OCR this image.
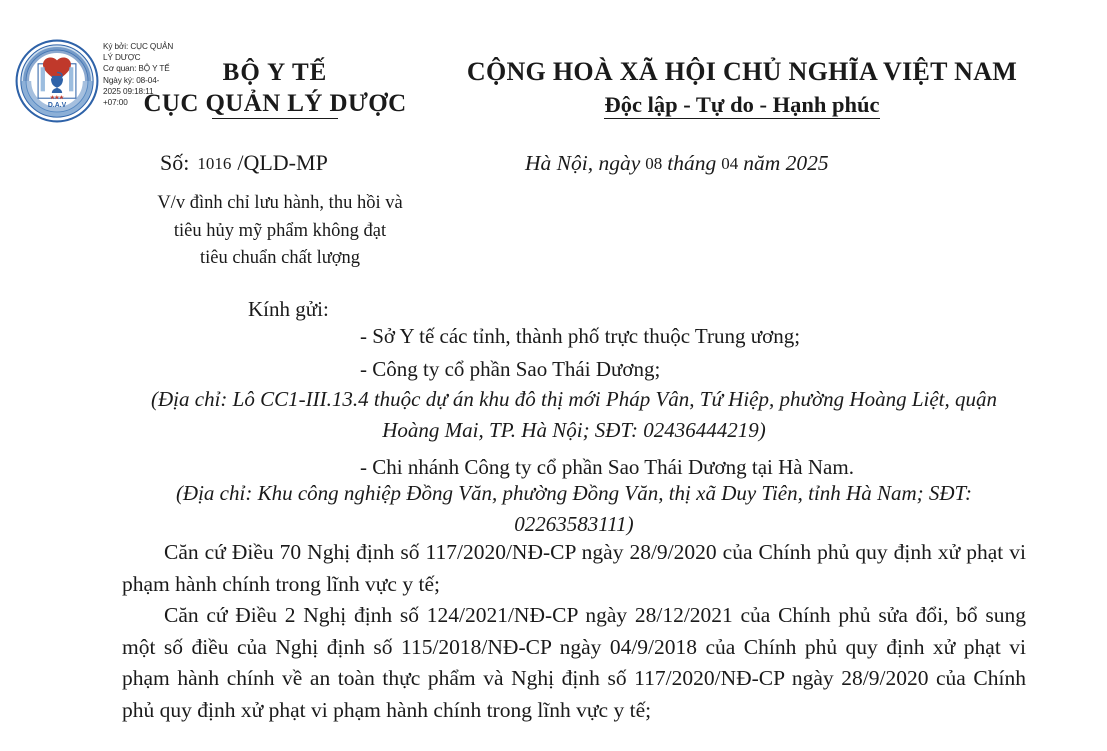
D.A.V
★★★
Ký bởi: CỤC QUẢN
LÝ DƯỢC
Cơ quan: BỘ Y TẾ
Ngày ký: 08-04-
2025 09:18:11
+07:00
BỘ Y TẾ
CỤC QUẢN LÝ DƯỢC
CỘNG HOÀ XÃ HỘI CHỦ NGHĨA VIỆT NAM
Độc lập - Tự do - Hạnh phúc
Số: 1016 /QLD-MP	Hà Nội, ngày 08 tháng 04 năm 2025
V/v đình chỉ lưu hành, thu hồi và
tiêu hủy mỹ phẩm không đạt
tiêu chuẩn chất lượng
Kính gửi:
- Sở Y tế các tỉnh, thành phố trực thuộc Trung ương;
- Công ty cổ phần Sao Thái Dương;
(Địa chỉ: Lô CC1-III.13.4 thuộc dự án khu đô thị mới Pháp Vân, Tứ Hiệp, phường Hoàng Liệt, quận Hoàng Mai, TP. Hà Nội; SĐT: 02436444219)
- Chi nhánh Công ty cổ phần Sao Thái Dương tại Hà Nam.
(Địa chỉ: Khu công nghiệp Đồng Văn, phường Đồng Văn, thị xã Duy Tiên, tỉnh Hà Nam; SĐT: 02263583111)

Căn cứ Điều 70 Nghị định số 117/2020/NĐ-CP ngày 28/9/2020 của Chính phủ quy định xử phạt vi phạm hành chính trong lĩnh vực y tế;

Căn cứ Điều 2 Nghị định số 124/2021/NĐ-CP ngày 28/12/2021 của Chính phủ sửa đổi, bổ sung một số điều của Nghị định số 115/2018/NĐ-CP ngày 04/9/2018 của Chính phủ quy định xử phạt vi phạm hành chính về an toàn thực phẩm và Nghị định số 117/2020/NĐ-CP ngày 28/9/2020 của Chính phủ quy định xử phạt vi phạm hành chính trong lĩnh vực y tế;
